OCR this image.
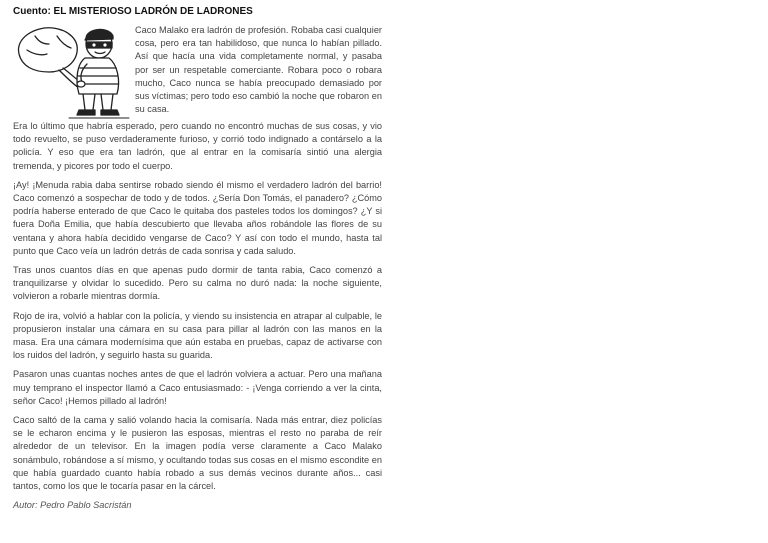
Cuento: EL MISTERIOSO LADRÓN DE LADRONES

Caco Malako era ladrón de profesión. Robaba casi cualquier cosa, pero era tan habilidoso, que nunca lo habían pillado. Así que hacía una vida completamente normal, y pasaba por ser un respetable comerciante. Robara poco o robara mucho, Caco nunca se había preocupado demasiado por sus víctimas; pero todo eso cambió la noche que robaron en su casa.

Era lo último que habría esperado, pero cuando no encontró muchas de sus cosas, y vio todo revuelto, se puso verdaderamente furioso, y corrió todo indignado a contárselo a la policía. Y eso que era tan ladrón, que al entrar en la comisaría sintió una alergia tremenda, y picores por todo el cuerpo.

¡Ay! ¡Menuda rabia daba sentirse robado siendo él mismo el verdadero ladrón del barrio! Caco comenzó a sospechar de todo y de todos. ¿Sería Don Tomás, el panadero? ¿Cómo podría haberse enterado de que Caco le quitaba dos pasteles todos los domingos? ¿Y si fuera Doña Emilia, que había descubierto que llevaba años robándole las flores de su ventana y ahora había decidido vengarse de Caco? Y así con todo el mundo, hasta tal punto que Caco veía un ladrón detrás de cada sonrisa y cada saludo.

Tras unos cuantos días en que apenas pudo dormir de tanta rabia, Caco comenzó a tranquilizarse y olvidar lo sucedido. Pero su calma no duró nada: la noche siguiente, volvieron a robarle mientras dormía.

Rojo de ira, volvió a hablar con la policía, y viendo su insistencia en atrapar al culpable, le propusieron instalar una cámara en su casa para pillar al ladrón con las manos en la masa. Era una cámara modernísima que aún estaba en pruebas, capaz de activarse con los ruidos del ladrón, y seguirlo hasta su guarida.

Pasaron unas cuantas noches antes de que el ladrón volviera a actuar. Pero una mañana muy temprano el inspector llamó a Caco entusiasmado: - ¡Venga corriendo a ver la cinta, señor Caco! ¡Hemos pillado al ladrón!

Caco saltó de la cama y salió volando hacia la comisaría. Nada más entrar, diez policías se le echaron encima y le pusieron las esposas, mientras el resto no paraba de reír alrededor de un televisor. En la imagen podía verse claramente a Caco Malako sonámbulo, robándose a sí mismo, y ocultando todas sus cosas en el mismo escondite en que había guardado cuanto había robado a sus demás vecinos durante años... casi tantos, como los que le tocaría pasar en la cárcel.

Autor: Pedro Pablo Sacristán
